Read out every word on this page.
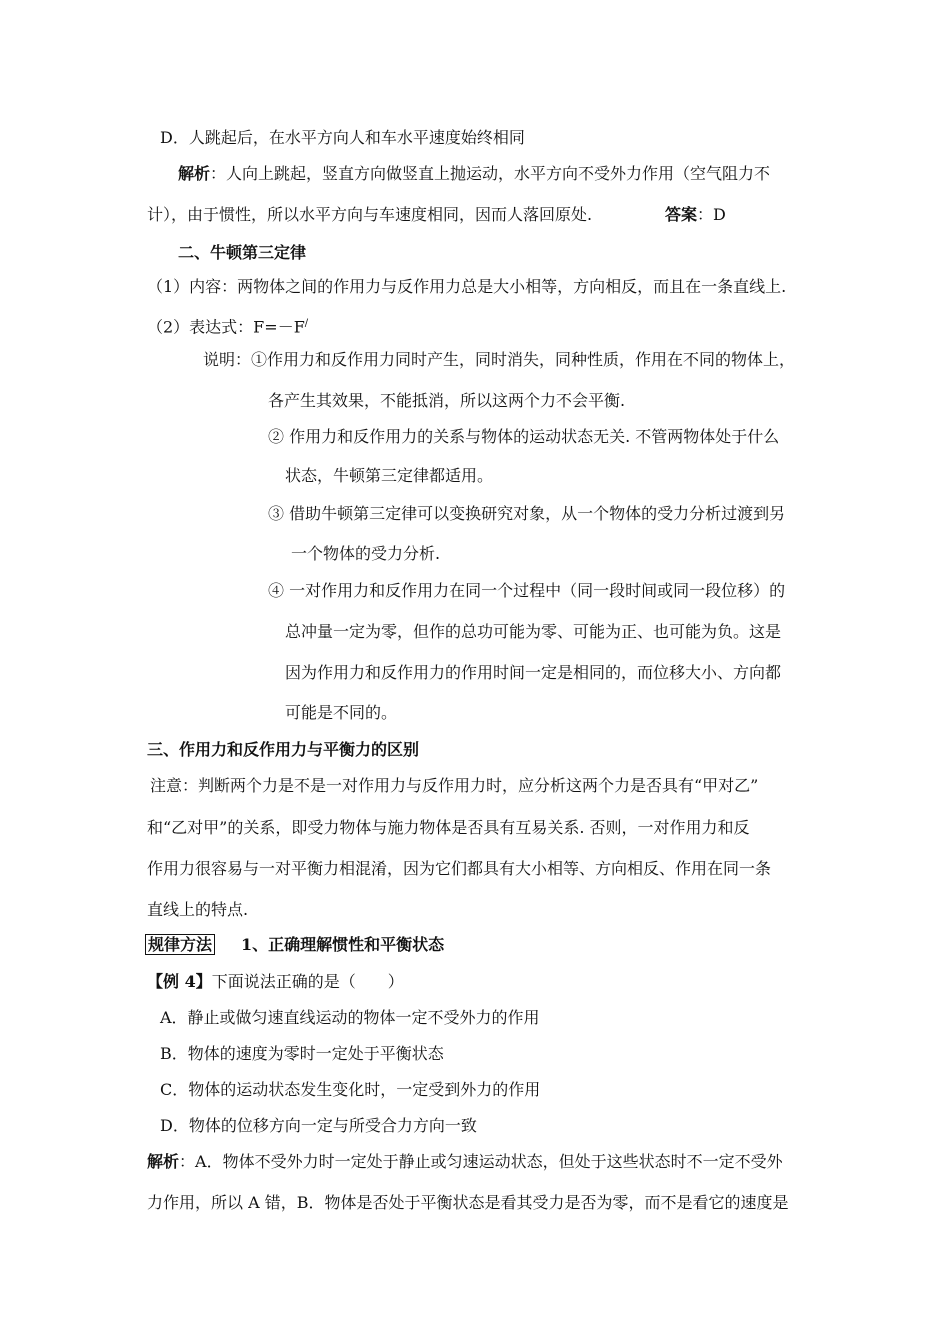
D．人跳起后，在水平方向人和车水平速度始终相同
解析：人向上跳起，竖直方向做竖直上抛运动，水平方向不受外力作用（空气阻力不
计），由于惯性，所以水平方向与车速度相同，因而人落回原处.	答案：D
二、牛顿第三定律
（1）内容：两物体之间的作用力与反作用力总是大小相等，方向相反，而且在一条直线上.
（2）表达式：F=－F/
说明：①作用力和反作用力同时产生，同时消失，同种性质，作用在不同的物体上，
各产生其效果，不能抵消，所以这两个力不会平衡.
② 作用力和反作用力的关系与物体的运动状态无关. 不管两物体处于什么
状态，牛顿第三定律都适用。
③ 借助牛顿第三定律可以变换研究对象，从一个物体的受力分析过渡到另
一个物体的受力分析.
④ 一对作用力和反作用力在同一个过程中（同一段时间或同一段位移）的
总冲量一定为零，但作的总功可能为零、可能为正、也可能为负。这是
因为作用力和反作用力的作用时间一定是相同的，而位移大小、方向都
可能是不同的。
三、作用力和反作用力与平衡力的区别
注意：判断两个力是不是一对作用力与反作用力时，应分析这两个力是否具有“甲对乙”
和“乙对甲”的关系，即受力物体与施力物体是否具有互易关系. 否则，一对作用力和反
作用力很容易与一对平衡力相混淆，因为它们都具有大小相等、方向相反、作用在同一条
直线上的特点.
规律方法 1、正确理解惯性和平衡状态
【例 4】下面说法正确的是（　　）
A．静止或做匀速直线运动的物体一定不受外力的作用
B．物体的速度为零时一定处于平衡状态
C．物体的运动状态发生变化时，一定受到外力的作用
D．物体的位移方向一定与所受合力方向一致
解析：A．物体不受外力时一定处于静止或匀速运动状态，但处于这些状态时不一定不受外
力作用，所以 A 错，B．物体是否处于平衡状态是看其受力是否为零，而不是看它的速度是
